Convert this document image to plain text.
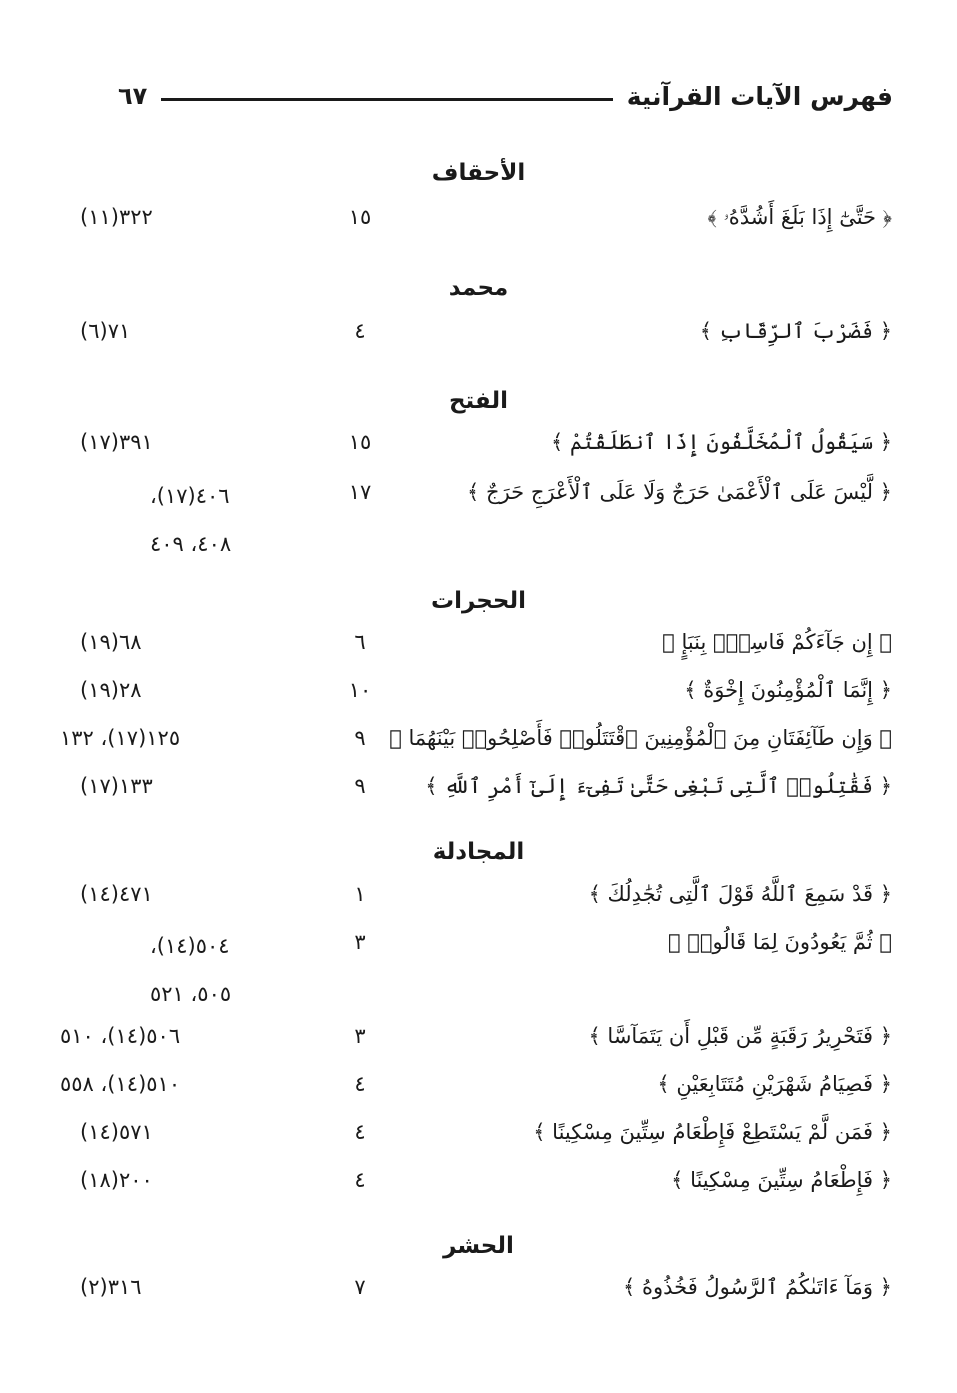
فهرس الآيات القرآنية
٦٧
الأحقاف
﴿ حَتَّىٰٓ إِذَا بَلَغَ أَشُدَّهُۥ ﴾
١٥
٣٢٢(١١)
محمد
﴿ فَضَرْبَ ٱلرِّقَابِ ﴾
٤
٧١(٦)
الفتح
﴿ سَيَقُولُ ٱلْمُخَلَّفُونَ إِذَا ٱنطَلَقْتُمْ ﴾
١٥
٣٩١(١٧)
﴿ لَّيْسَ عَلَى ٱلْأَعْمَىٰ حَرَجٌ وَلَا عَلَى ٱلْأَعْرَجِ حَرَجٌ ﴾
١٧
٤٠٦(١٧)، ٤٠٨، ٤٠٩
الحجرات
﴿ إِن جَآءَكُمْ فَاسِقٌۢ بِنَبَإٍ ﴾
٦
٦٨(١٩)
﴿ إِنَّمَا ٱلْمُؤْمِنُونَ إِخْوَةٌ ﴾
١٠
٢٨(١٩)
﴿ وَإِن طَآئِفَتَانِ مِنَ ٱلْمُؤْمِنِينَ ٱقْتَتَلُوا۟ فَأَصْلِحُوا۟ بَيْنَهُمَا ﴾
٩
١٢٥(١٧)، ١٣٢
﴿ فَقَٰتِلُوا۟ ٱلَّتِى تَبْغِى حَتَّىٰ تَفِىٓءَ إِلَىٰٓ أَمْرِ ٱللَّهِ ﴾
٩
١٣٣(١٧)
المجادلة
﴿ قَدْ سَمِعَ ٱللَّهُ قَوْلَ ٱلَّتِى تُجَٰدِلُكَ ﴾
١
٤٧١(١٤)
﴿ ثُمَّ يَعُودُونَ لِمَا قَالُوا۟ ﴾
٣
٥٠٤(١٤)، ٥٠٥، ٥٢١
﴿ فَتَحْرِيرُ رَقَبَةٍ مِّن قَبْلِ أَن يَتَمَآسَّا ﴾
٣
٥٠٦(١٤)، ٥١٠
﴿ فَصِيَامُ شَهْرَيْنِ مُتَتَابِعَيْنِ ﴾
٤
٥١٠(١٤)، ٥٥٨
﴿ فَمَن لَّمْ يَسْتَطِعْ فَإِطْعَامُ سِتِّينَ مِسْكِينًا ﴾
٤
٥٧١(١٤)
﴿ فَإِطْعَامُ سِتِّينَ مِسْكِينًا ﴾
٤
٢٠٠(١٨)
الحشر
﴿ وَمَآ ءَاتَىٰكُمُ ٱلرَّسُولُ فَخُذُوهُ ﴾
٧
٣١٦(٢)
